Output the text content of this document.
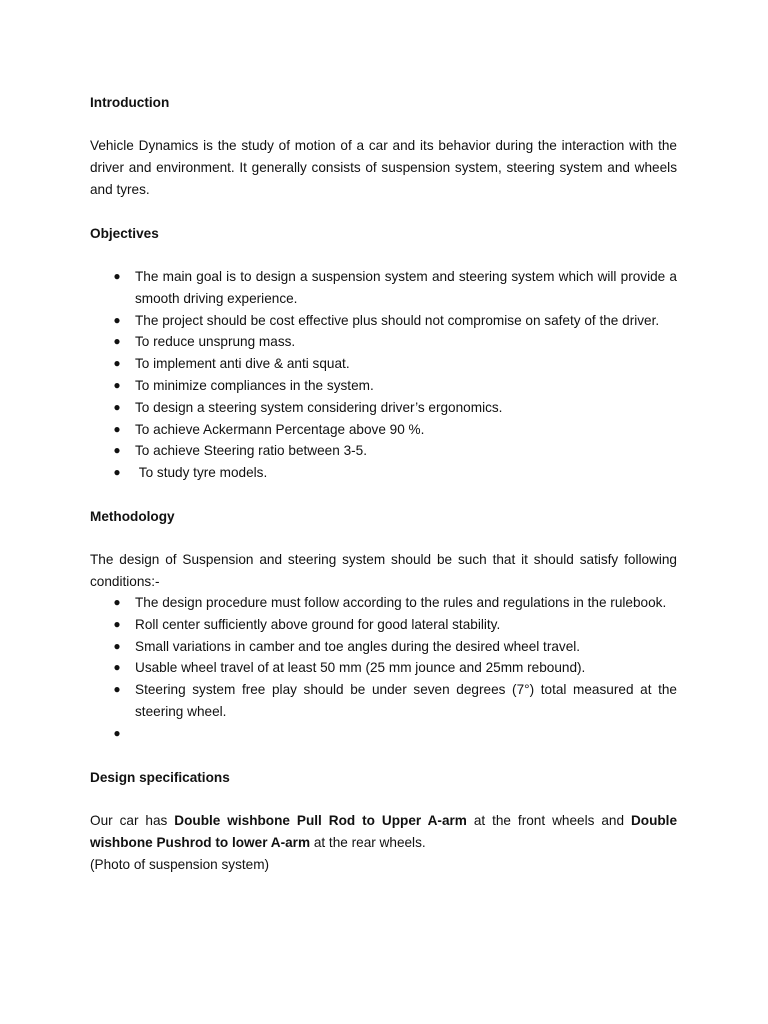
Introduction
Vehicle Dynamics is the study of motion of a car and its behavior during the interaction with the driver and environment. It generally consists of suspension system, steering system and wheels and tyres.
Objectives
● The main goal is to design a suspension system and steering system which will provide a smooth driving experience.
● The project should be cost effective plus should not compromise on safety of the driver.
● To reduce unsprung mass.
● To implement anti dive & anti squat.
● To minimize compliances in the system.
● To design a steering system considering driver’s ergonomics.
● To achieve Ackermann Percentage above 90 %.
● To achieve Steering ratio between 3-5.
● To study tyre models.
Methodology
The design of Suspension and steering system should be such that it should satisfy following conditions:-
● The design procedure must follow according to the rules and regulations in the rulebook.
● Roll center sufficiently above ground for good lateral stability.
● Small variations in camber and toe angles during the desired wheel travel.
● Usable wheel travel of at least 50 mm (25 mm jounce and 25mm rebound).
● Steering system free play should be under seven degrees (7°) total measured at the steering wheel.
●
Design specifications
Our car has Double wishbone Pull Rod to Upper A-arm at the front wheels and Double wishbone Pushrod to lower A-arm at the rear wheels.
(Photo of suspension system)
